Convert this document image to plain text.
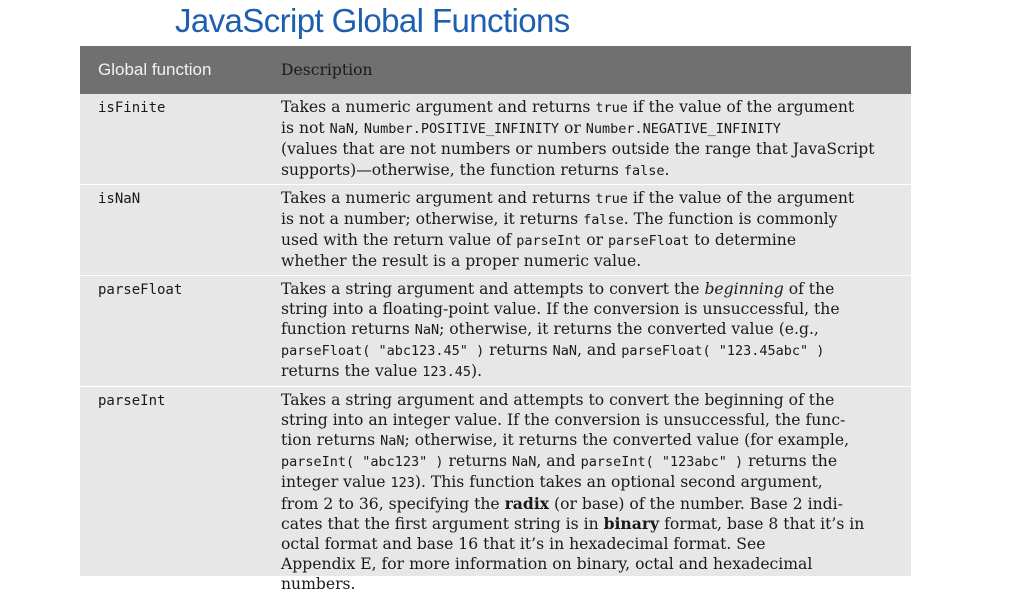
JavaScript Global Functions
Global function	Description
isFinite	Takes a numeric argument and returns true if the value of the argument
is not NaN, Number.POSITIVE_INFINITY or Number.NEGATIVE_INFINITY
(values that are not numbers or numbers outside the range that JavaScript
supports)—otherwise, the function returns false.
isNaN	Takes a numeric argument and returns true if the value of the argument
is not a number; otherwise, it returns false. The function is commonly
used with the return value of parseInt or parseFloat to determine
whether the result is a proper numeric value.
parseFloat	Takes a string argument and attempts to convert the beginning of the
string into a floating-point value. If the conversion is unsuccessful, the
function returns NaN; otherwise, it returns the converted value (e.g.,
parseFloat( "abc123.45" ) returns NaN, and parseFloat( "123.45abc" )
returns the value 123.45).
parseInt	Takes a string argument and attempts to convert the beginning of the
string into an integer value. If the conversion is unsuccessful, the func-
tion returns NaN; otherwise, it returns the converted value (for example,
parseInt( "abc123" ) returns NaN, and parseInt( "123abc" ) returns the
integer value 123). This function takes an optional second argument,
from 2 to 36, specifying the radix (or base) of the number. Base 2 indi-
cates that the first argument string is in binary format, base 8 that it’s in
octal format and base 16 that it’s in hexadecimal format. See
Appendix E, for more information on binary, octal and hexadecimal
numbers.
